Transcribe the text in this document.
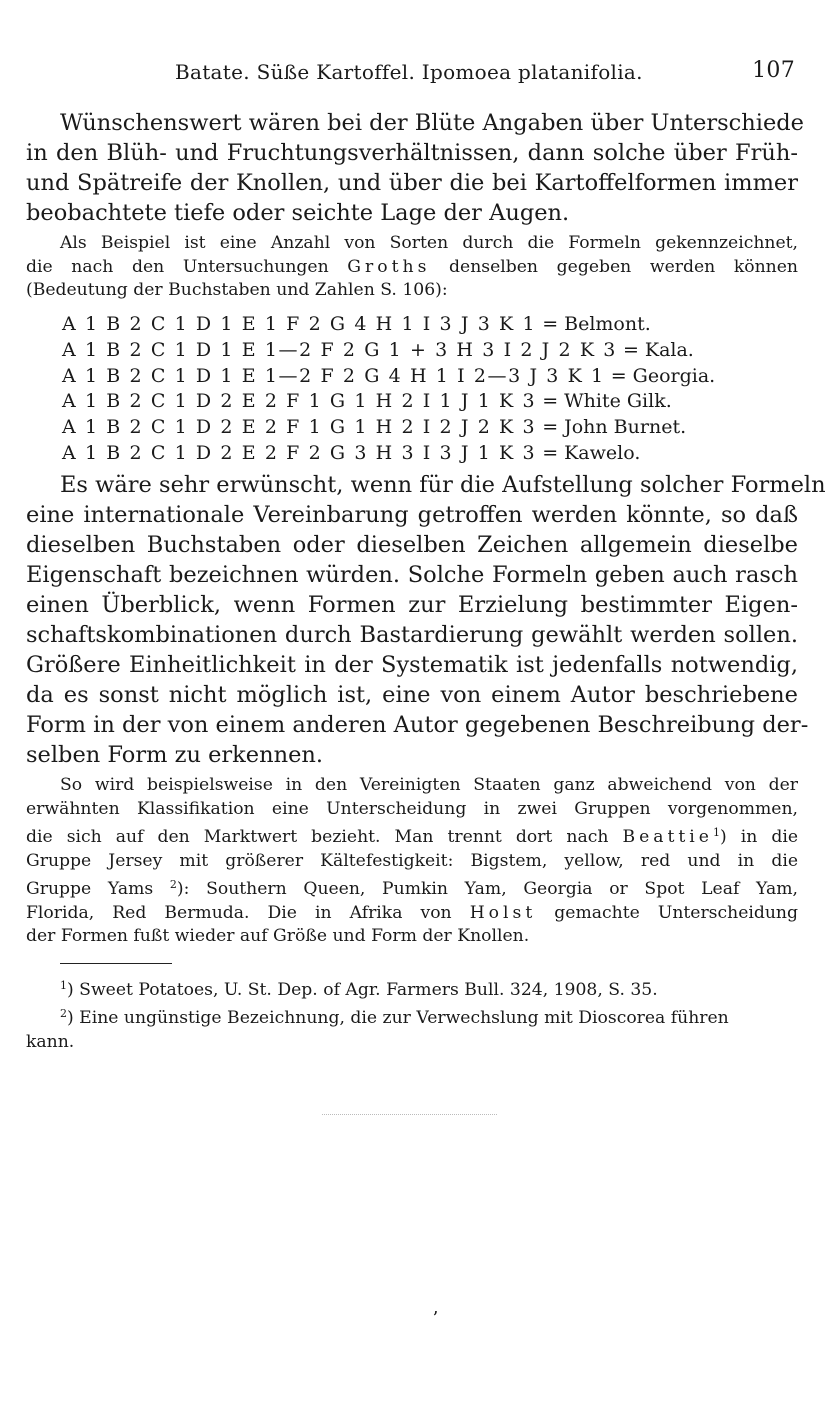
Batate. Süße Kartoffel. Ipomoea platanifolia.	107
Wünschenswert wären bei der Blüte Angaben über Unterschiede
in den Blüh- und Fruchtungsverhältnissen, dann solche über Früh-
und Spätreife der Knollen, und über die bei Kartoffelformen immer
beobachtete tiefe oder seichte Lage der Augen.
Als Beispiel ist eine Anzahl von Sorten durch die Formeln gekennzeichnet,
die nach den Untersuchungen Groths denselben gegeben werden können
(Bedeutung der Buchstaben und Zahlen S. 106):
A 1 B 2 C 1 D 1 E 1 F 2 G 4 H 1 I 3 J 3 K 1 = Belmont.
A 1 B 2 C 1 D 1 E 1—2 F 2 G 1 + 3 H 3 I 2 J 2 K 3 = Kala.
A 1 B 2 C 1 D 1 E 1—2 F 2 G 4 H 1 I 2—3 J 3 K 1 = Georgia.
A 1 B 2 C 1 D 2 E 2 F 1 G 1 H 2 I 1 J 1 K 3 = White Gilk.
A 1 B 2 C 1 D 2 E 2 F 1 G 1 H 2 I 2 J 2 K 3 = John Burnet.
A 1 B 2 C 1 D 2 E 2 F 2 G 3 H 3 I 3 J 1 K 3 = Kawelo.
Es wäre sehr erwünscht, wenn für die Aufstellung solcher Formeln
eine internationale Vereinbarung getroffen werden könnte, so daß
dieselben Buchstaben oder dieselben Zeichen allgemein dieselbe
Eigenschaft bezeichnen würden. Solche Formeln geben auch rasch
einen Überblick, wenn Formen zur Erzielung bestimmter Eigen-
schaftskombinationen durch Bastardierung gewählt werden sollen.
Größere Einheitlichkeit in der Systematik ist jedenfalls notwendig,
da es sonst nicht möglich ist, eine von einem Autor beschriebene
Form in der von einem anderen Autor gegebenen Beschreibung der-
selben Form zu erkennen.
So wird beispielsweise in den Vereinigten Staaten ganz abweichend von der
erwähnten Klassifikation eine Unterscheidung in zwei Gruppen vorgenommen,
die sich auf den Marktwert bezieht. Man trennt dort nach Beattie$^1$) in die
Gruppe Jersey mit größerer Kältefestigkeit: Bigstem, yellow, red und in die
Gruppe Yams $^2$): Southern Queen, Pumkin Yam, Georgia or Spot Leaf Yam,
Florida, Red Bermuda. Die in Afrika von Holst gemachte Unterscheidung
der Formen fußt wieder auf Größe und Form der Knollen.
$^1$) Sweet Potatoes, U. St. Dep. of Agr. Farmers Bull. 324, 1908, S. 35.
$^2$) Eine ungünstige Bezeichnung, die zur Verwechslung mit Dioscorea führen
kann.
ʼ
